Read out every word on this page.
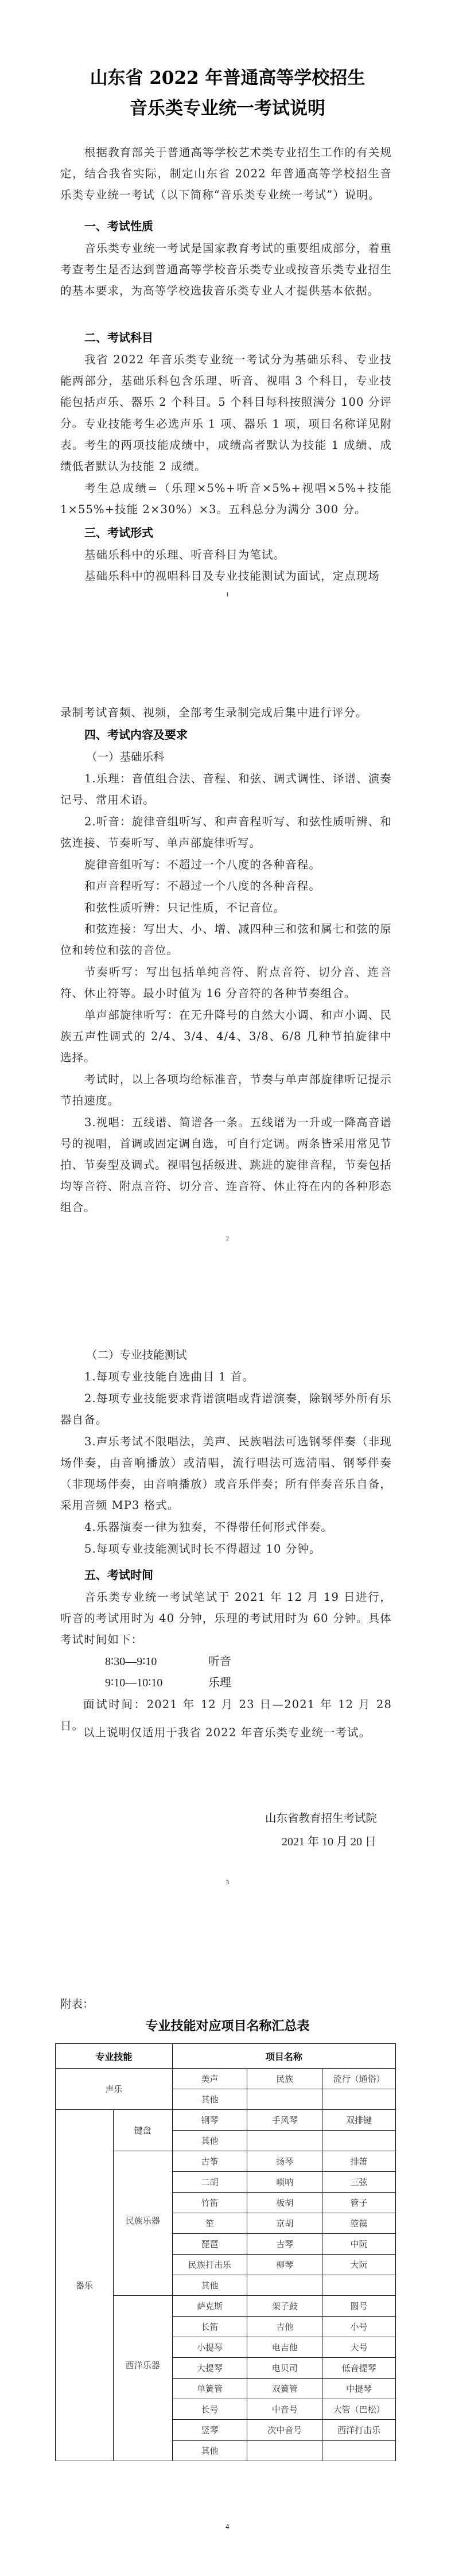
山东省 2022 年普通高等学校招生
音乐类专业统一考试说明
根据教育部关于普通高等学校艺术类专业招生工作的有关规定，结合我省实际，制定山东省 2022 年普通高等学校招生音乐类专业统一考试（以下简称“音乐类专业统一考试”）说明。
一、考试性质
音乐类专业统一考试是国家教育考试的重要组成部分，着重考查考生是否达到普通高等学校音乐类专业或按音乐类专业招生的基本要求，为高等学校选拔音乐类专业人才提供基本依据。
二、考试科目
我省 2022 年音乐类专业统一考试分为基础乐科、专业技能两部分，基础乐科包含乐理、听音、视唱 3 个科目，专业技能包括声乐、器乐 2 个科目。5 个科目每科按照满分 100 分评分。 专业技能考生必选声乐 1 项、器乐 1 项，项目名称详见附表。考生的两项技能成绩中，成绩高者默认为技能 1 成绩、成绩低者默认为技能 2 成绩。
考生总成绩=（乐理×5%+听音×5%+视唱×5%+技能 1×55%+技能 2×30%）×3。五科总分为满分 300 分。
三、考试形式
基础乐科中的乐理、听音科目为笔试。
基础乐科中的视唱科目及专业技能测试为面试，定点现场
1
录制考试音频、视频，全部考生录制完成后集中进行评分。
四、考试内容及要求
（一）基础乐科
1.乐理：音值组合法、音程、和弦、调式调性、译谱、演奏记号、常用术语。
2.听音：旋律音组听写、和声音程听写、和弦性质听辨、和弦连接、节奏听写、单声部旋律听写。
旋律音组听写：不超过一个八度的各种音程。
和声音程听写：不超过一个八度的各种音程。
和弦性质听辨：只记性质，不记音位。
和弦连接：写出大、小、增、减四种三和弦和属七和弦的原位和转位和弦的音位。
节奏听写：写出包括单纯音符、附点音符、切分音、连音符、休止符等。最小时值为 16 分音符的各种节奏组合。
单声部旋律听写：在无升降号的自然大小调、和声小调、民族五声性调式的 2/4、3/4、4/4、3/8、6/8 几种节拍旋律中选择。
考试时，以上各项均给标准音，节奏与单声部旋律听记提示节拍速度。
3.视唱：五线谱、简谱各一条。五线谱为一升或一降高音谱号的视唱，首调或固定调自选，可自行定调。两条皆采用常见节拍、节奏型及调式。视唱包括级进、跳进的旋律音程，节奏包括均等音符、附点音符、切分音、连音符、休止符在内的各种形态组合。
2
（二）专业技能测试
1.每项专业技能自选曲目 1 首。
2.每项专业技能要求背谱演唱或背谱演奏，除钢琴外所有乐器自备。
3.声乐考试不限唱法，美声、民族唱法可选钢琴伴奏（非现场伴奏，由音响播放）或清唱，流行唱法可选清唱、钢琴伴奏（非现场伴奏，由音响播放）或音乐伴奏；所有伴奏音乐自备，采用音频 MP3 格式。
4.乐器演奏一律为独奏，不得带任何形式伴奏。
5.每项专业技能测试时长不得超过 10 分钟。
五、考试时间
音乐类专业统一考试笔试于 2021 年 12 月 19 日进行，听音的考试用时为 40 分钟，乐理的考试用时为 60 分钟。具体考试时间如下：
8∶30—9∶10	听音
9∶10—10∶10	乐理
面试时间：2021 年 12 月 23 日—2021 年 12 月 28 日。
以上说明仅适用于我省 2022 年音乐类专业统一考试。
山东省教育招生考试院
2021 年 10 月 20 日
3
附表：
专业技能对应项目名称汇总表
专业技能		项目名称		
声乐		美声	民族	流行（通俗）
		其他		
器乐	键盘	钢琴	手风琴	双排键
		其他		
	民族乐器	古筝	扬琴	排箫
		二胡	唢呐	三弦
		竹笛	板胡	管子
		笙	京胡	箜篌
		琵琶	古琴	中阮
		民族打击乐	柳琴	大阮
		其他		
	西洋乐器	萨克斯	架子鼓	圆号
		长笛	吉他	小号
		小提琴	电吉他	大号
		大提琴	电贝司	低音提琴
		单簧管	双簧管	中提琴
		长号	中音号	大管（巴松）
		竖琴	次中音号	西洋打击乐
		其他		
4
